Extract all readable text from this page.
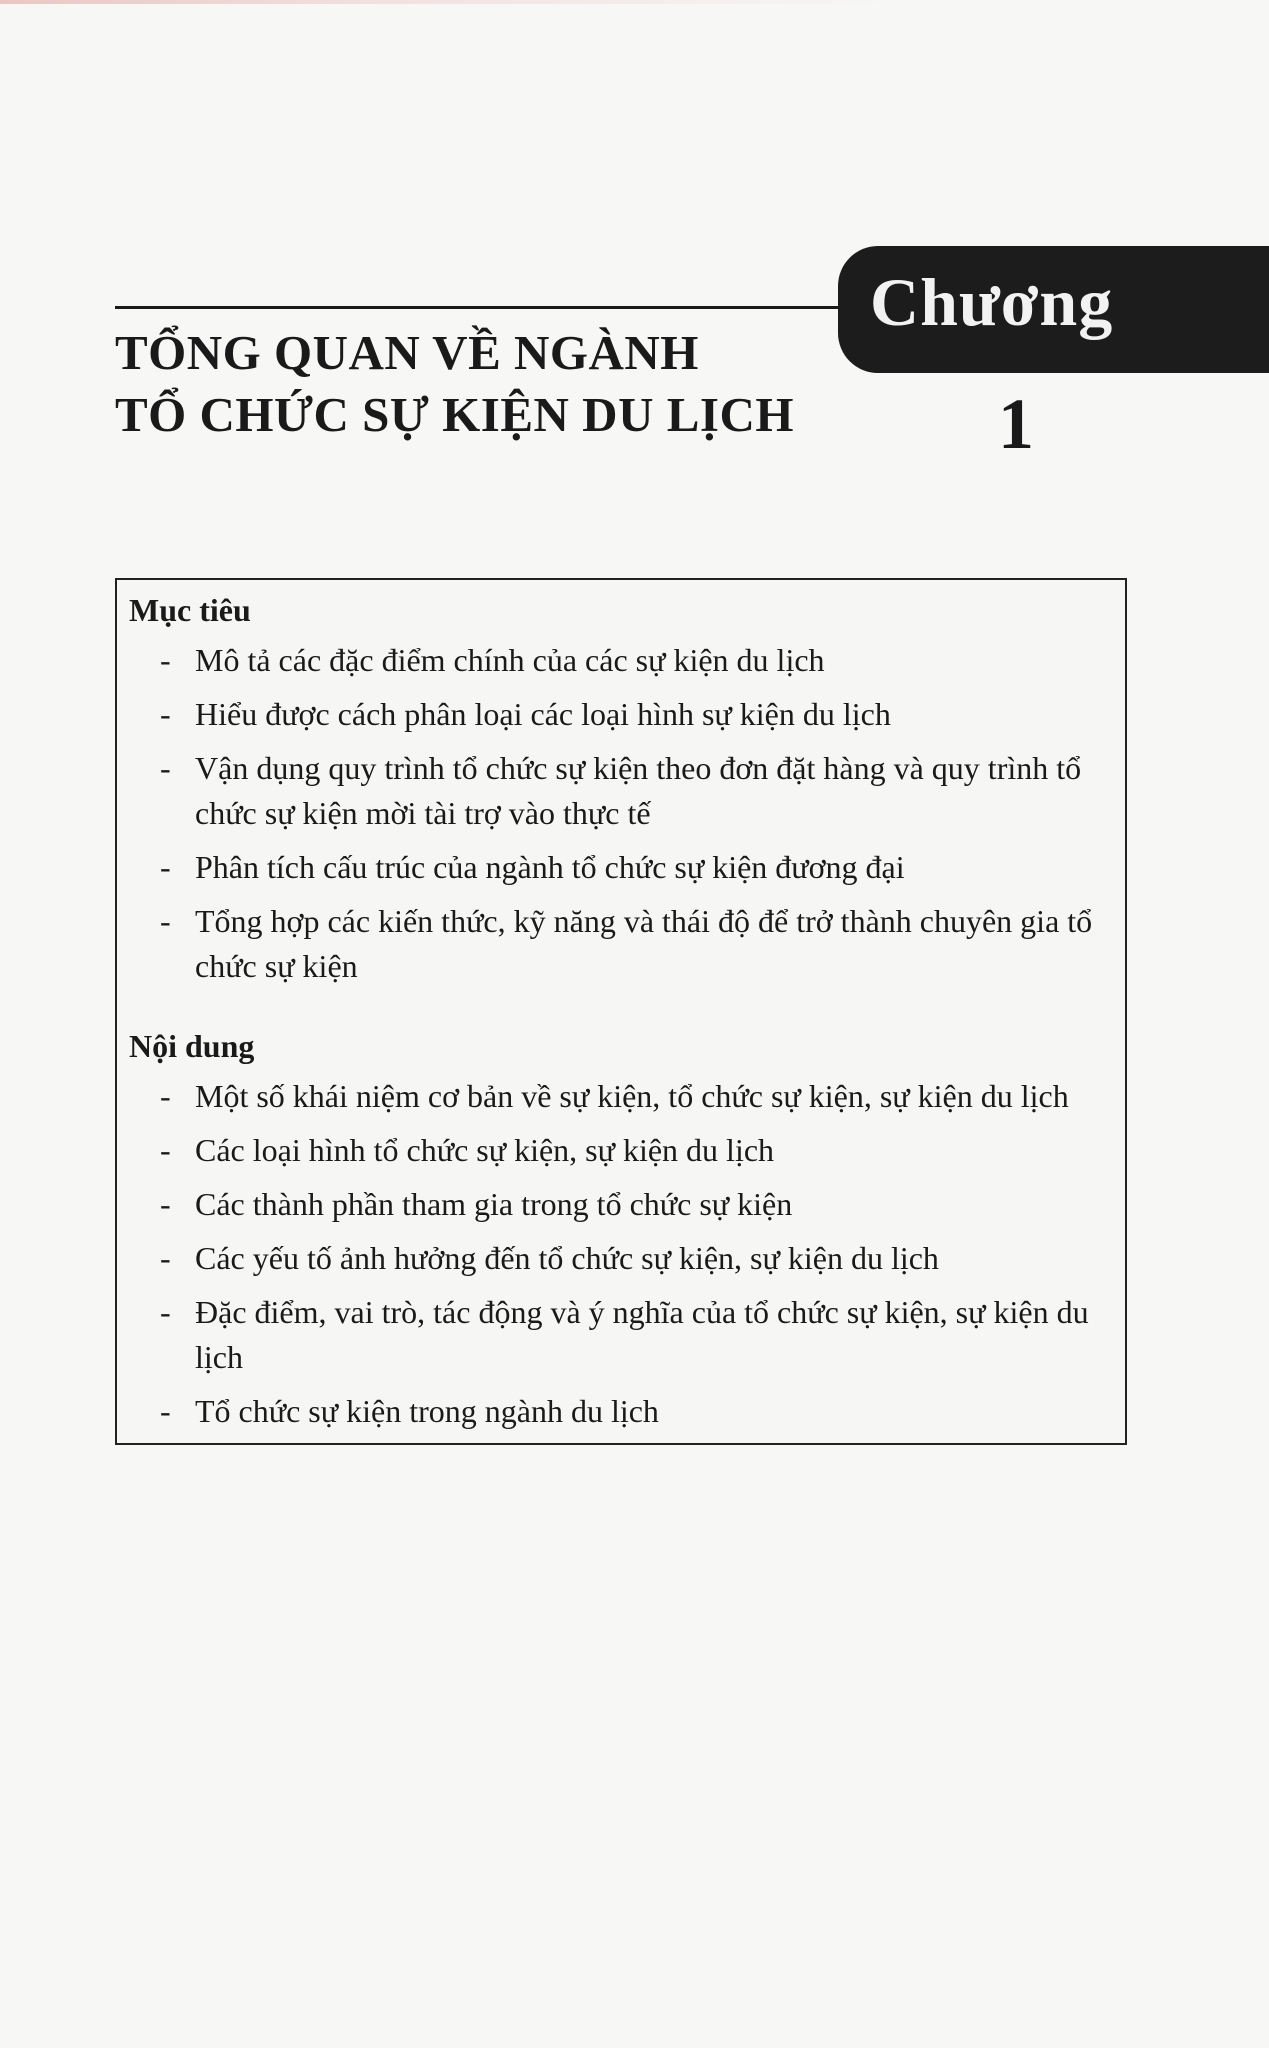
Chương
1
TỔNG QUAN VỀ NGÀNH
TỔ CHỨC SỰ KIỆN DU LỊCH
Mục tiêu
- Mô tả các đặc điểm chính của các sự kiện du lịch
- Hiểu được cách phân loại các loại hình sự kiện du lịch
- Vận dụng quy trình tổ chức sự kiện theo đơn đặt hàng và quy trình tổ chức sự kiện mời tài trợ vào thực tế
- Phân tích cấu trúc của ngành tổ chức sự kiện đương đại
- Tổng hợp các kiến thức, kỹ năng và thái độ để trở thành chuyên gia tổ chức sự kiện
Nội dung
- Một số khái niệm cơ bản về sự kiện, tổ chức sự kiện, sự kiện du lịch
- Các loại hình tổ chức sự kiện, sự kiện du lịch
- Các thành phần tham gia trong tổ chức sự kiện
- Các yếu tố ảnh hưởng đến tổ chức sự kiện, sự kiện du lịch
- Đặc điểm, vai trò, tác động và ý nghĩa của tổ chức sự kiện, sự kiện du lịch
- Tổ chức sự kiện trong ngành du lịch
